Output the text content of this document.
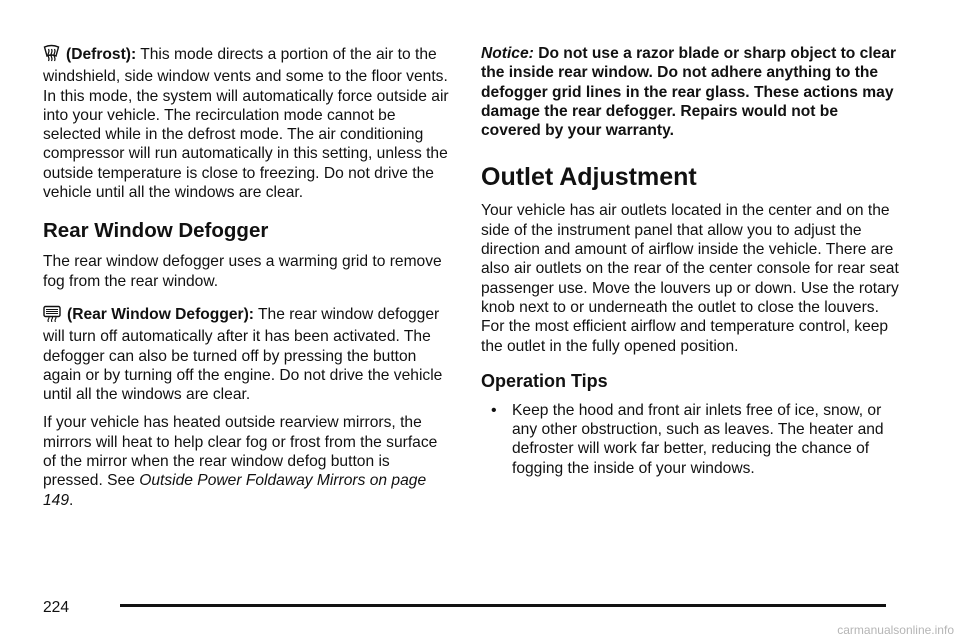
(Defrost): This mode directs a portion of the air to the windshield, side window vents and some to the floor vents. In this mode, the system will automatically force outside air into your vehicle. The recirculation mode cannot be selected while in the defrost mode. The air conditioning compressor will run automatically in this setting, unless the outside temperature is close to freezing. Do not drive the vehicle until all the windows are clear.

Rear Window Defogger

The rear window defogger uses a warming grid to remove fog from the rear window.

(Rear Window Defogger): The rear window defogger will turn off automatically after it has been activated. The defogger can also be turned off by pressing the button again or by turning off the engine. Do not drive the vehicle until all the windows are clear.

If your vehicle has heated outside rearview mirrors, the mirrors will heat to help clear fog or frost from the surface of the mirror when the rear window defog button is pressed. See Outside Power Foldaway Mirrors on page 149.

Notice: Do not use a razor blade or sharp object to clear the inside rear window. Do not adhere anything to the defogger grid lines in the rear glass. These actions may damage the rear defogger. Repairs would not be covered by your warranty.

Outlet Adjustment

Your vehicle has air outlets located in the center and on the side of the instrument panel that allow you to adjust the direction and amount of airflow inside the vehicle. There are also air outlets on the rear of the center console for rear seat passenger use. Move the louvers up or down. Use the rotary knob next to or underneath the outlet to close the louvers. For the most efficient airflow and temperature control, keep the outlet in the fully opened position.

Operation Tips

• Keep the hood and front air inlets free of ice, snow, or any other obstruction, such as leaves. The heater and defroster will work far better, reducing the chance of fogging the inside of your windows.

224
carmanualsonline.info
